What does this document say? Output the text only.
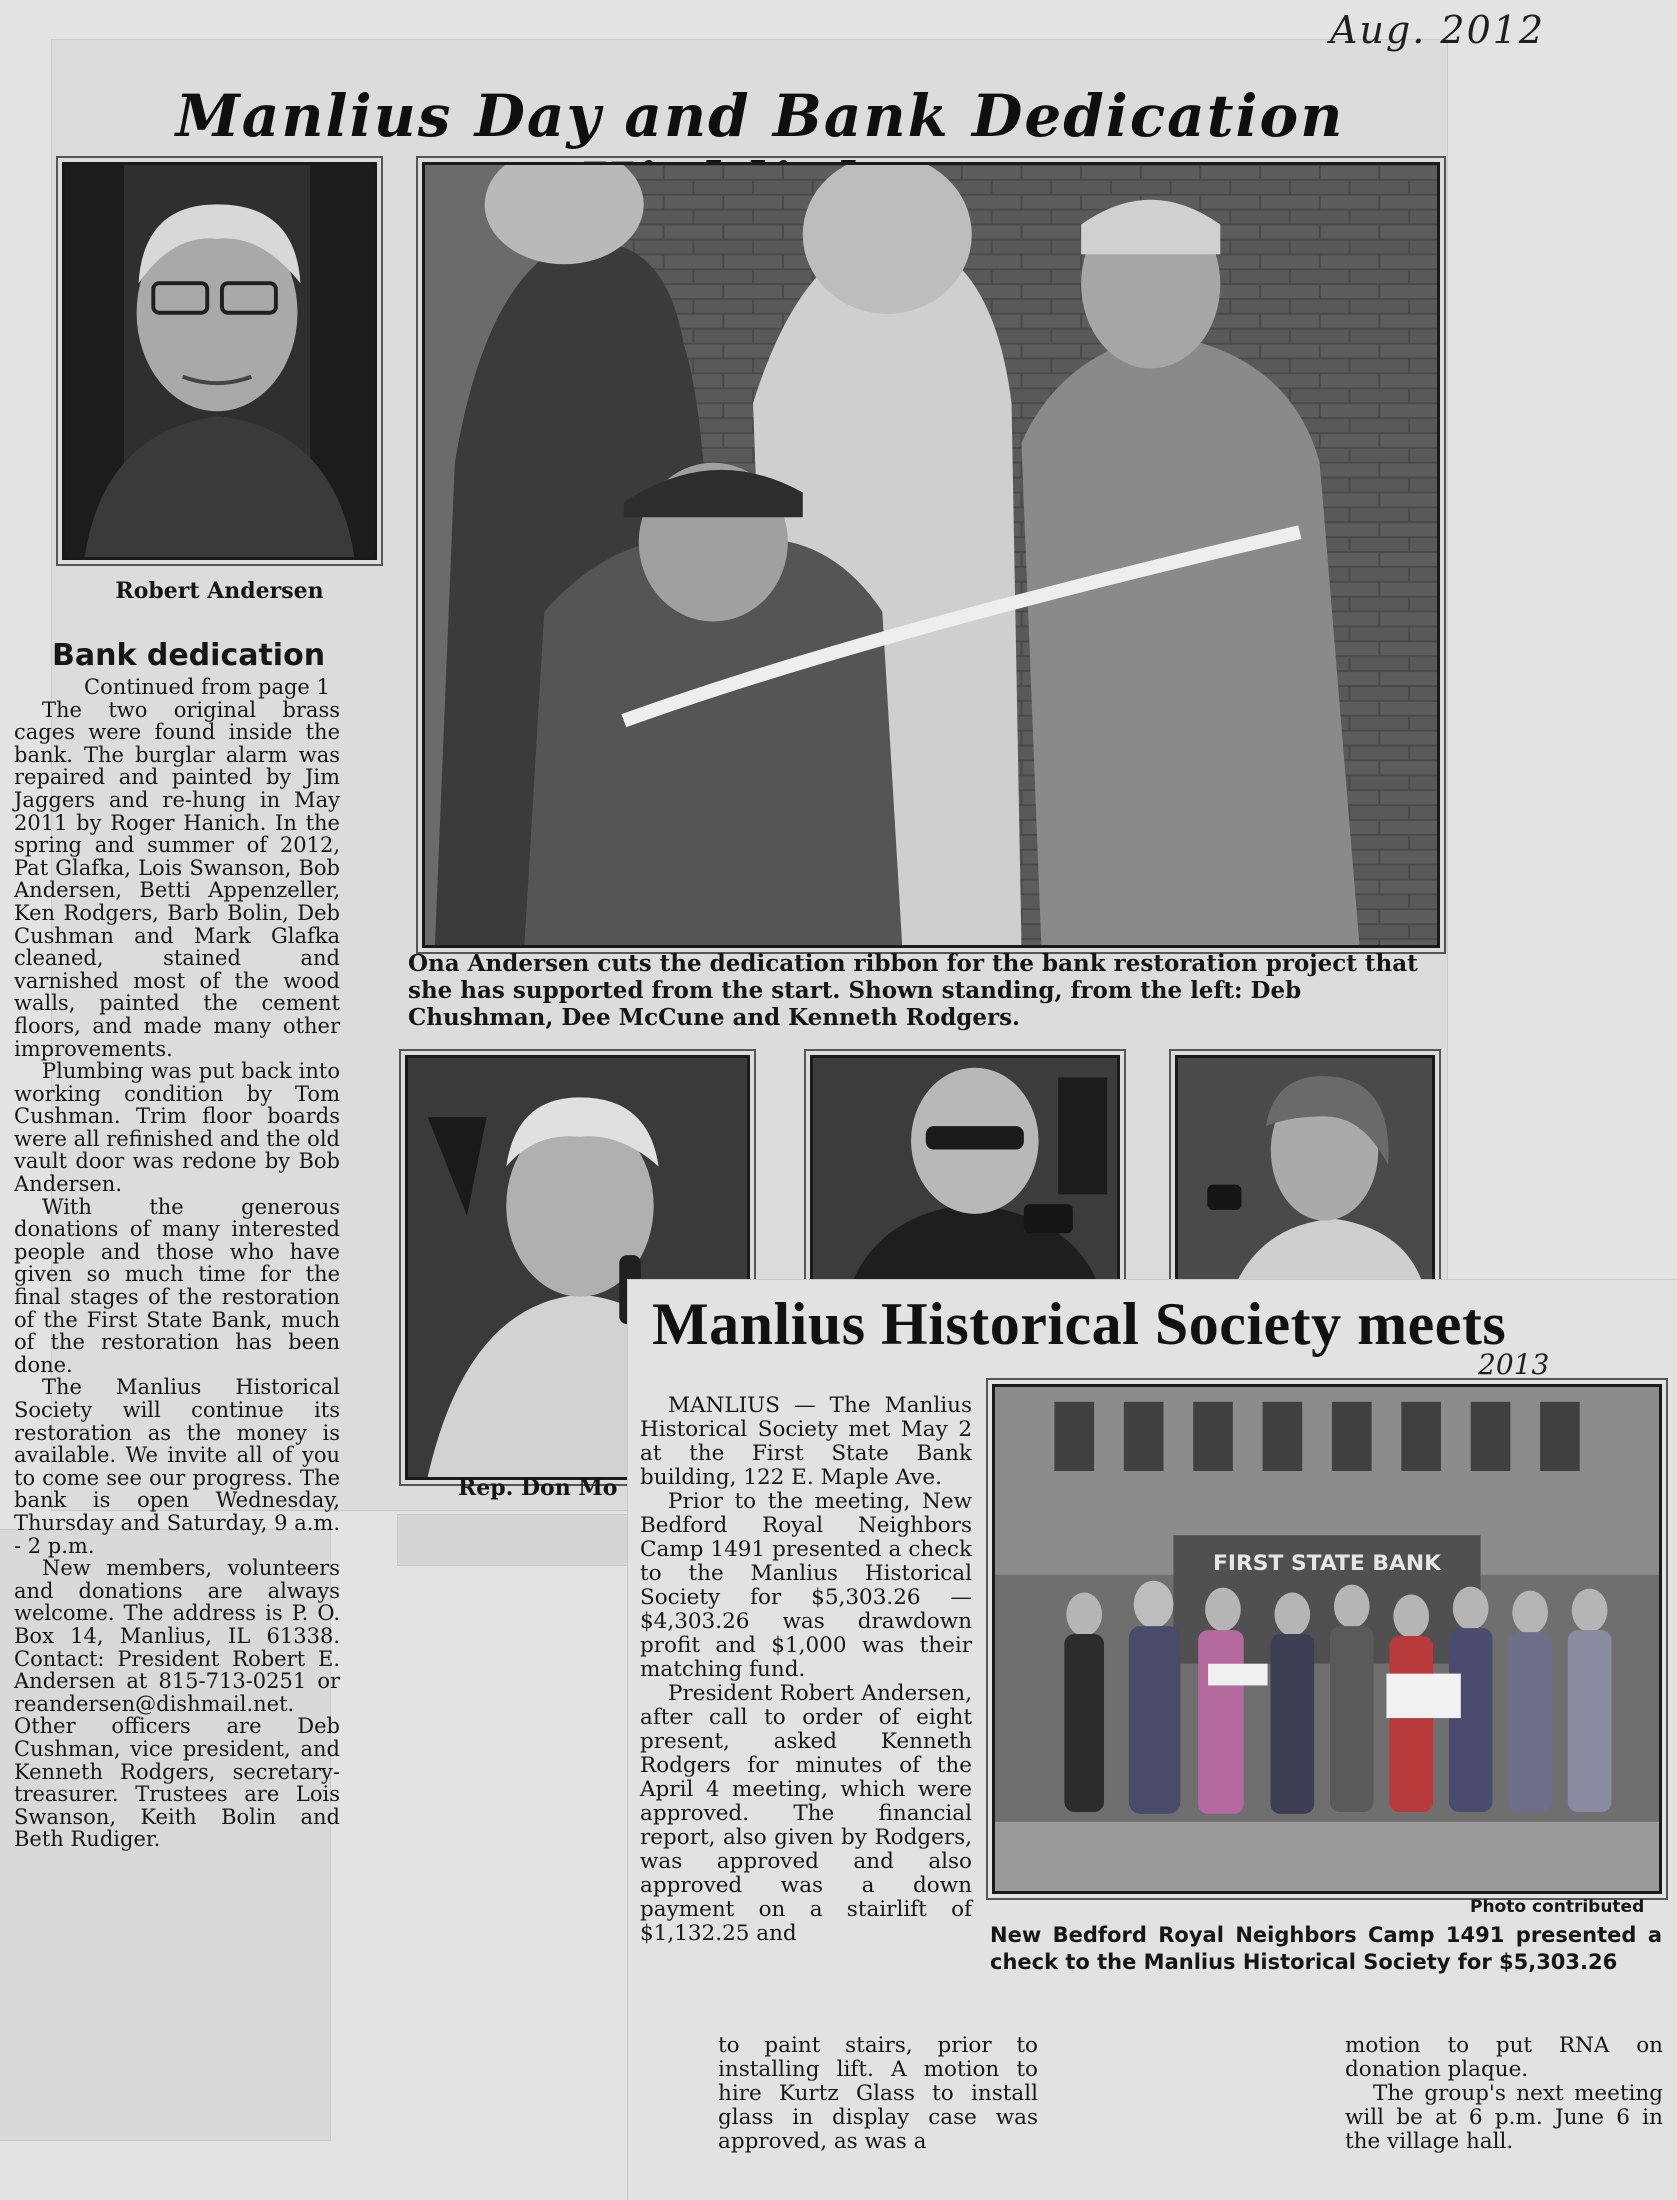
Aug. 2012
Manlius Day and Bank Dedication
Robert Andersen
Ona Andersen cuts the dedication ribbon for the bank restoration project that she has supported from the start. Shown standing, from the left: Deb Chushman, Dee McCune and Kenneth Rodgers.
Rep. Don Mo
Bank dedication

Continued from page 1

The two original brass cages were found inside the bank. The burglar alarm was repaired and painted by Jim Jaggers and re-hung in May 2011 by Roger Hanich. In the spring and summer of 2012, Pat Glafka, Lois Swanson, Bob Andersen, Betti Appenzeller, Ken Rodgers, Barb Bolin, Deb Cushman and Mark Glafka cleaned, stained and varnished most of the wood walls, painted the cement floors, and made many other improvements.

Plumbing was put back into working condition by Tom Cushman. Trim floor boards were all refinished and the old vault door was redone by Bob Andersen.

With the generous donations of many interested people and those who have given so much time for the final stages of the restoration of the First State Bank, much of the restoration has been done.

The Manlius Historical Society will continue its restoration as the money is available. We invite all of you to come see our progress. The bank is open Wednesday, Thursday and Saturday, 9 a.m. - 2 p.m.

New members, volunteers and donations are always welcome. The address is P. O. Box 14, Manlius, IL 61338. Contact: President Robert E. Andersen at 815-713-0251 or reandersen@dishmail.net. Other officers are Deb Cushman, vice president, and Kenneth Rodgers, secretary-treasurer. Trustees are Lois Swanson, Keith Bolin and Beth Rudiger.

Manlius Historical Society meets
2013

MANLIUS — The Manlius Historical Society met May 2 at the First State Bank building, 122 E. Maple Ave.

Prior to the meeting, New Bedford Royal Neighbors Camp 1491 presented a check to the Manlius Historical Society for $5,303.26 — $4,303.26 was drawdown profit and $1,000 was their matching fund.

President Robert Andersen, after call to order of eight present, asked Kenneth Rodgers for minutes of the April 4 meeting, which were approved. The financial report, also given by Rodgers, was approved and also approved was a down payment on a stairlift of $1,132.25 and

FIRST STATE BANK
Photo contributed
New Bedford Royal Neighbors Camp 1491 presented a check to the Manlius Historical Society for $5,303.26

to paint stairs, prior to installing lift. A motion to hire Kurtz Glass to install glass in display case was approved, as was a

motion to put RNA on donation plaque.

The group's next meeting will be at 6 p.m. June 6 in the village hall.
